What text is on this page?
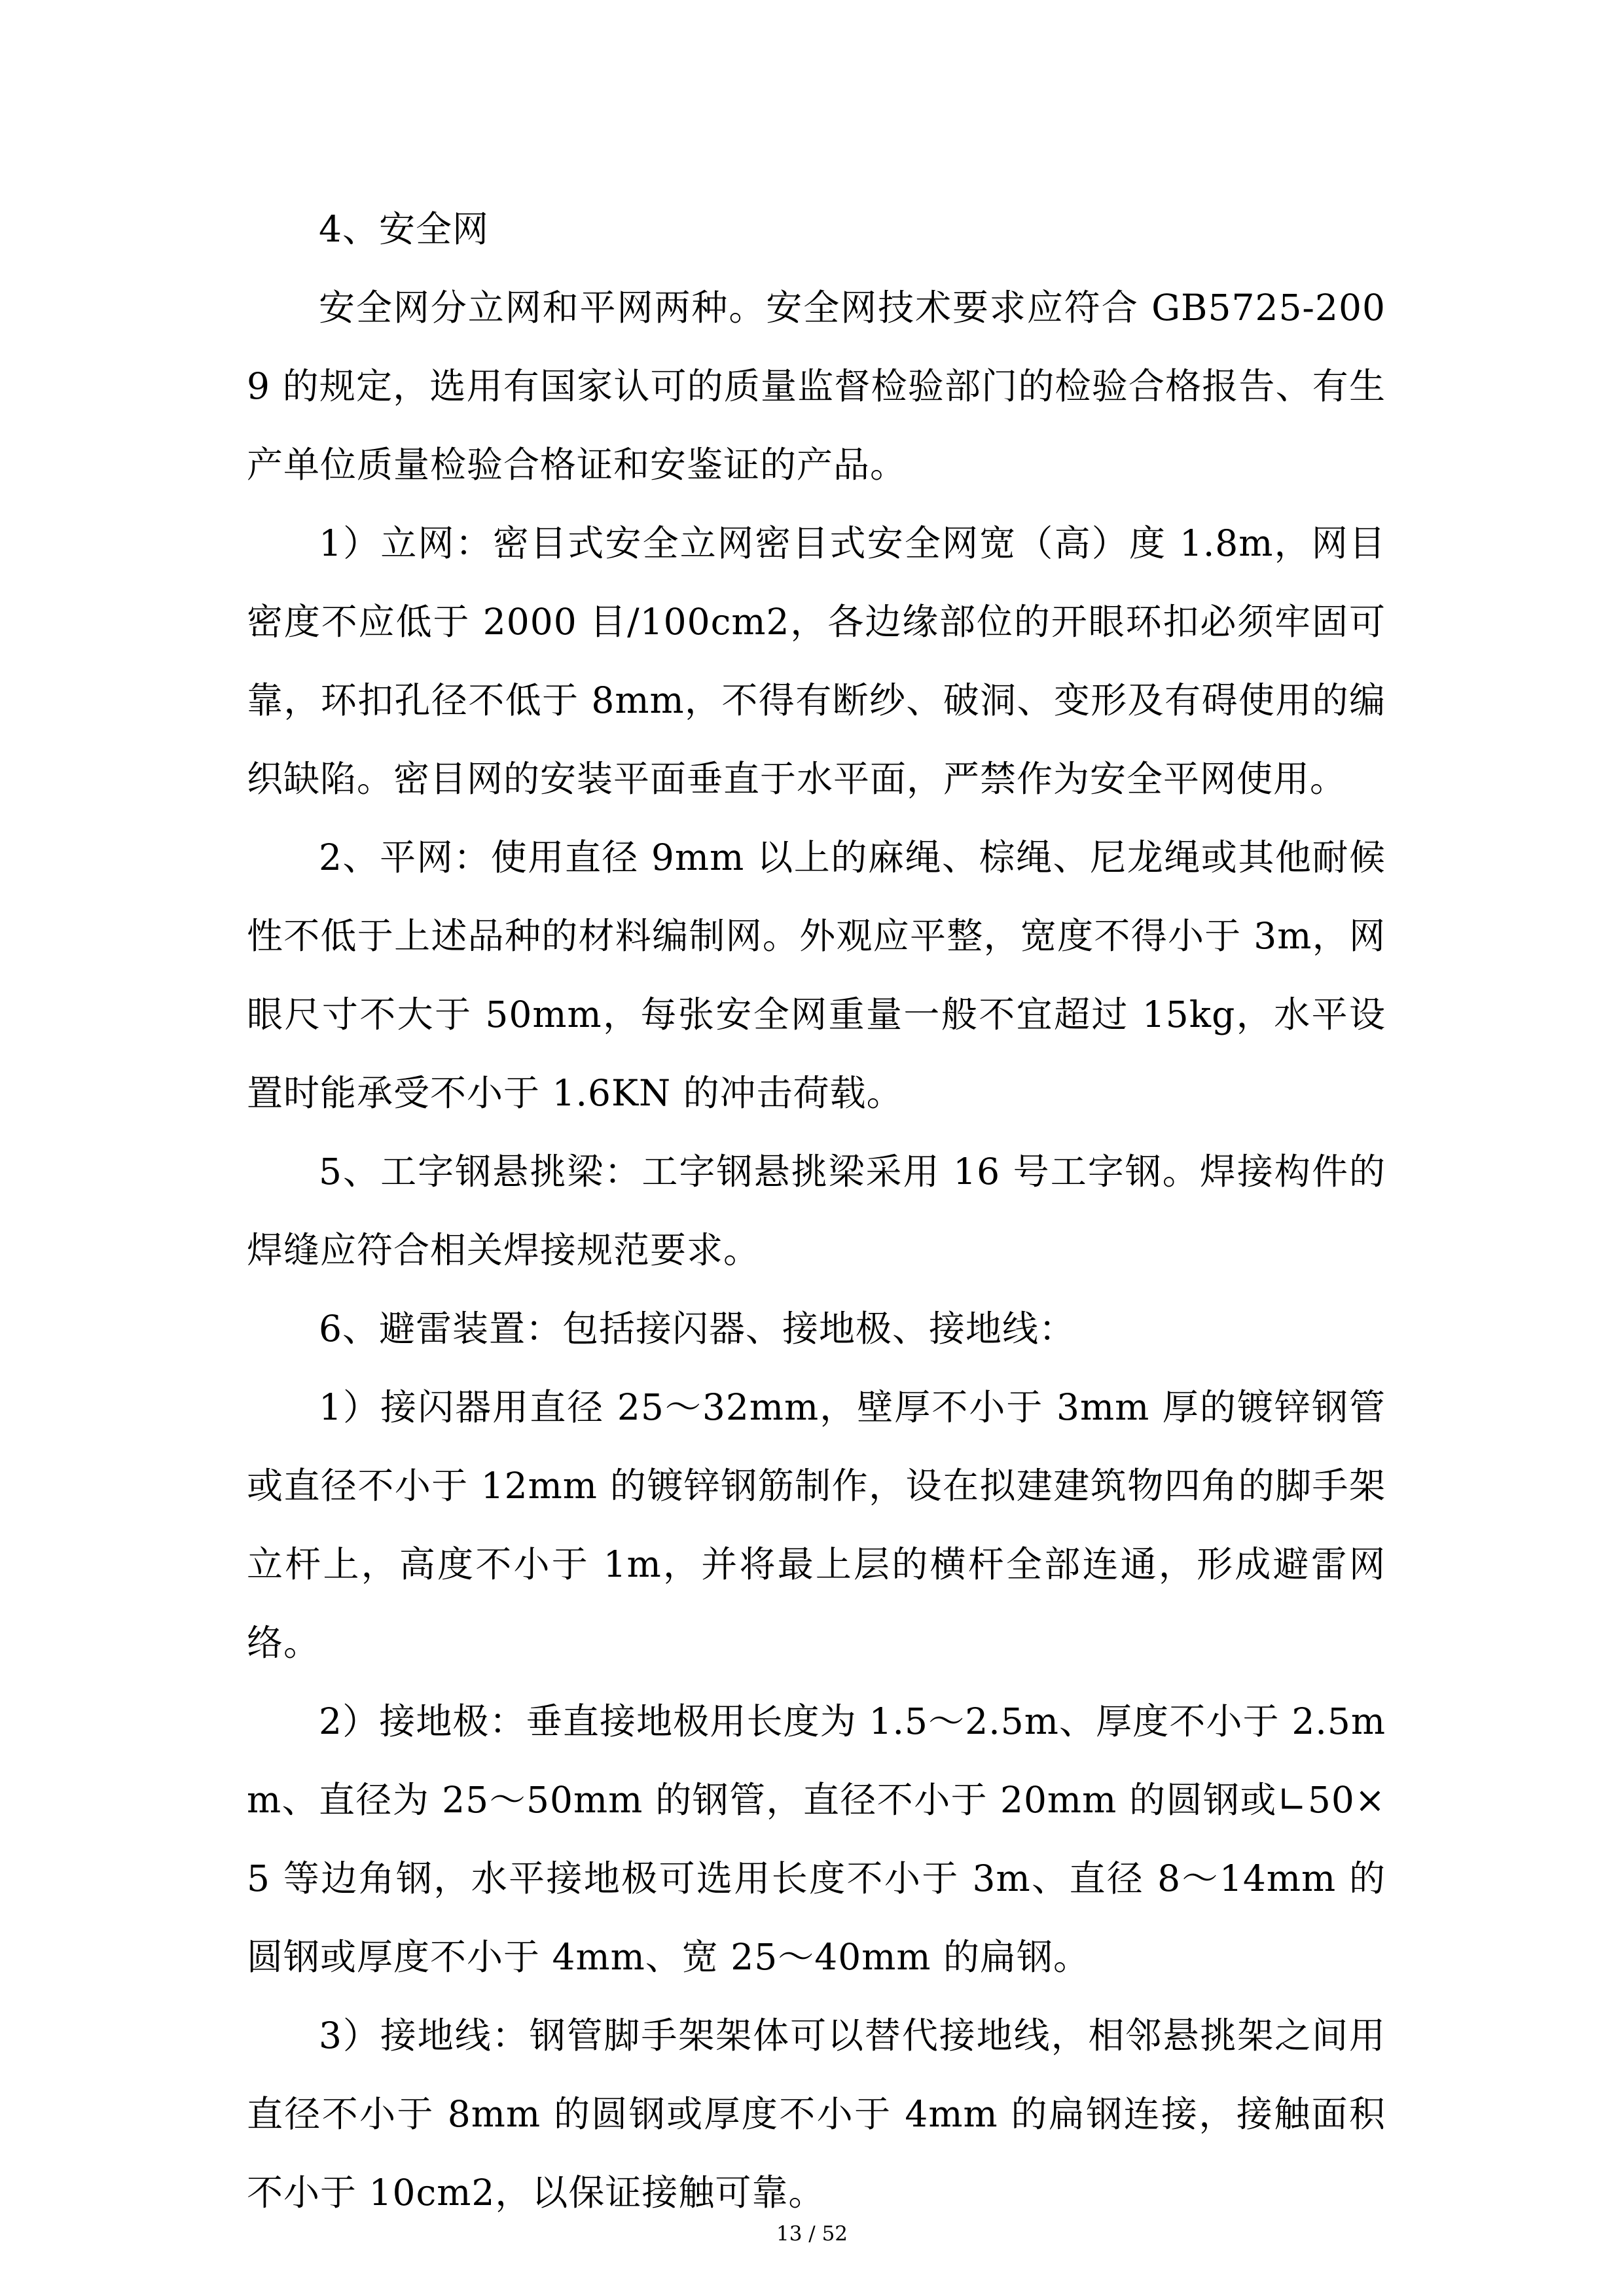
4、安全网

安全网分立网和平网两种。安全网技术要求应符合 GB5725-2009 的规定，选用有国家认可的质量监督检验部门的检验合格报告、有生产单位质量检验合格证和安鉴证的产品。

1）立网：密目式安全立网密目式安全网宽（高）度 1.8m，网目密度不应低于 2000 目/100cm2，各边缘部位的开眼环扣必须牢固可靠，环扣孔径不低于 8mm，不得有断纱、破洞、变形及有碍使用的编织缺陷。密目网的安装平面垂直于水平面，严禁作为安全平网使用。

2、平网：使用直径 9mm 以上的麻绳、棕绳、尼龙绳或其他耐候性不低于上述品种的材料编制网。外观应平整，宽度不得小于 3m，网眼尺寸不大于 50mm，每张安全网重量一般不宜超过 15kg，水平设置时能承受不小于 1.6KN 的冲击荷载。

5、工字钢悬挑梁：工字钢悬挑梁采用 16 号工字钢。焊接构件的焊缝应符合相关焊接规范要求。

6、避雷装置：包括接闪器、接地极、接地线：

1）接闪器用直径 25～32mm，壁厚不小于 3mm 厚的镀锌钢管或直径不小于 12mm 的镀锌钢筋制作，设在拟建建筑物四角的脚手架立杆上，高度不小于 1m，并将最上层的横杆全部连通，形成避雷网络。

2）接地极：垂直接地极用长度为 1.5～2.5m、厚度不小于 2.5mm、直径为 25～50mm 的钢管，直径不小于 20mm 的圆钢或∟50×5 等边角钢，水平接地极可选用长度不小于 3m、直径 8～14mm 的圆钢或厚度不小于 4mm、宽 25～40mm 的扁钢。

3）接地线：钢管脚手架架体可以替代接地线，相邻悬挑架之间用直径不小于 8mm 的圆钢或厚度不小于 4mm 的扁钢连接，接触面积不小于 10cm2，以保证接触可靠。

13 / 52
